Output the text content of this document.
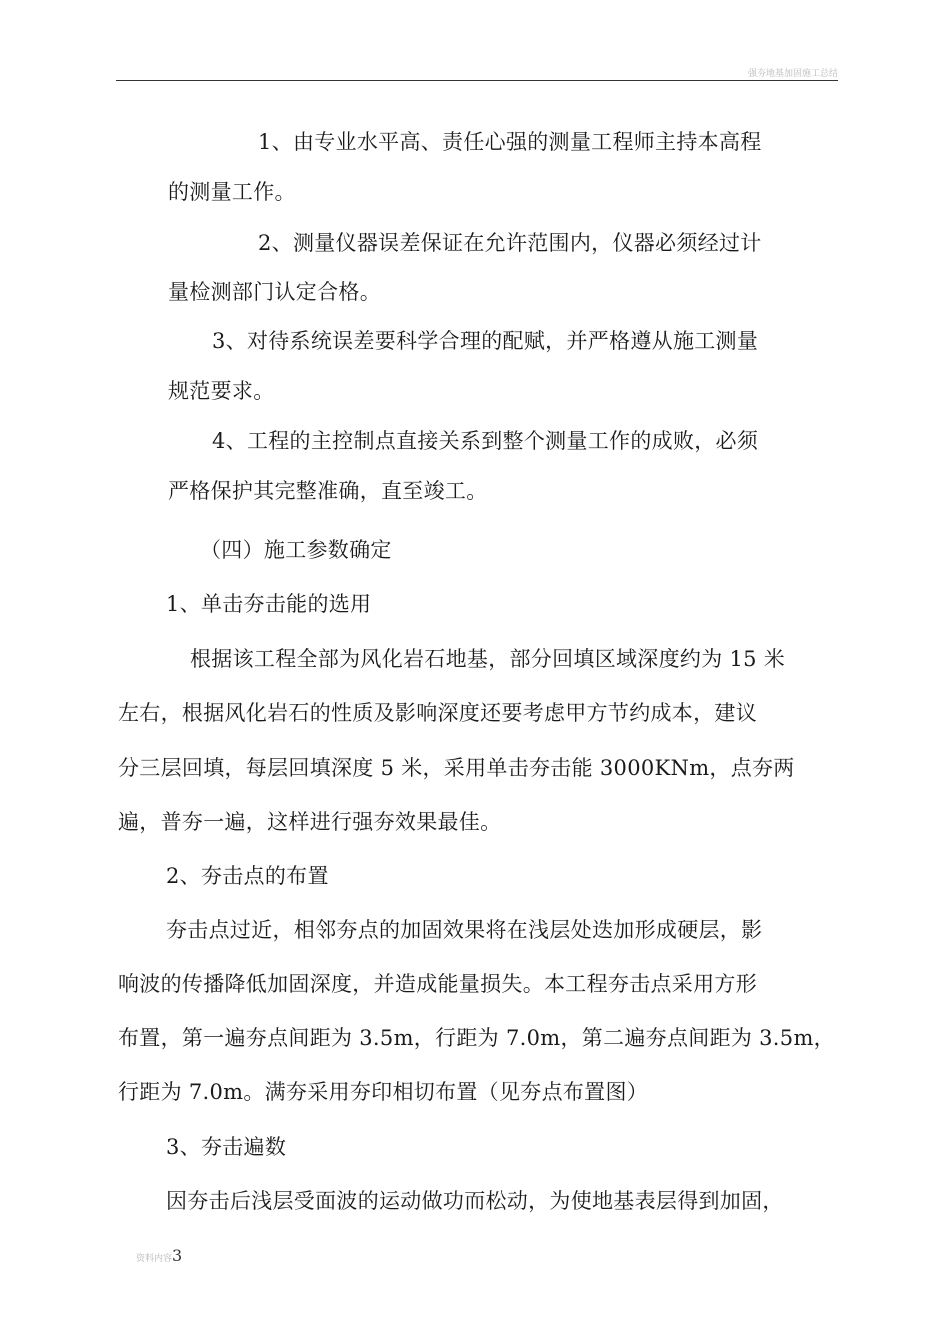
强夯地基加固施工总结
1、由专业水平高、责任心强的测量工程师主持本高程
的测量工作。
2、测量仪器误差保证在允许范围内，仪器必须经过计
量检测部门认定合格。
3、对待系统误差要科学合理的配赋，并严格遵从施工测量
规范要求。
4、工程的主控制点直接关系到整个测量工作的成败，必须
严格保护其完整准确，直至竣工。
（四）施工参数确定
1、单击夯击能的选用
根据该工程全部为风化岩石地基，部分回填区域深度约为 15 米
左右，根据风化岩石的性质及影响深度还要考虑甲方节约成本，建议
分三层回填，每层回填深度 5 米，采用单击夯击能 3000KNm，点夯两
遍，普夯一遍，这样进行强夯效果最佳。
2、夯击点的布置
夯击点过近，相邻夯点的加固效果将在浅层处迭加形成硬层，影
响波的传播降低加固深度，并造成能量损失。本工程夯击点采用方形
布置，第一遍夯点间距为 3.5m，行距为 7.0m，第二遍夯点间距为 3.5m，
行距为 7.0m。满夯采用夯印相切布置（见夯点布置图）
3、夯击遍数
因夯击后浅层受面波的运动做功而松动，为使地基表层得到加固，
资料内容3
